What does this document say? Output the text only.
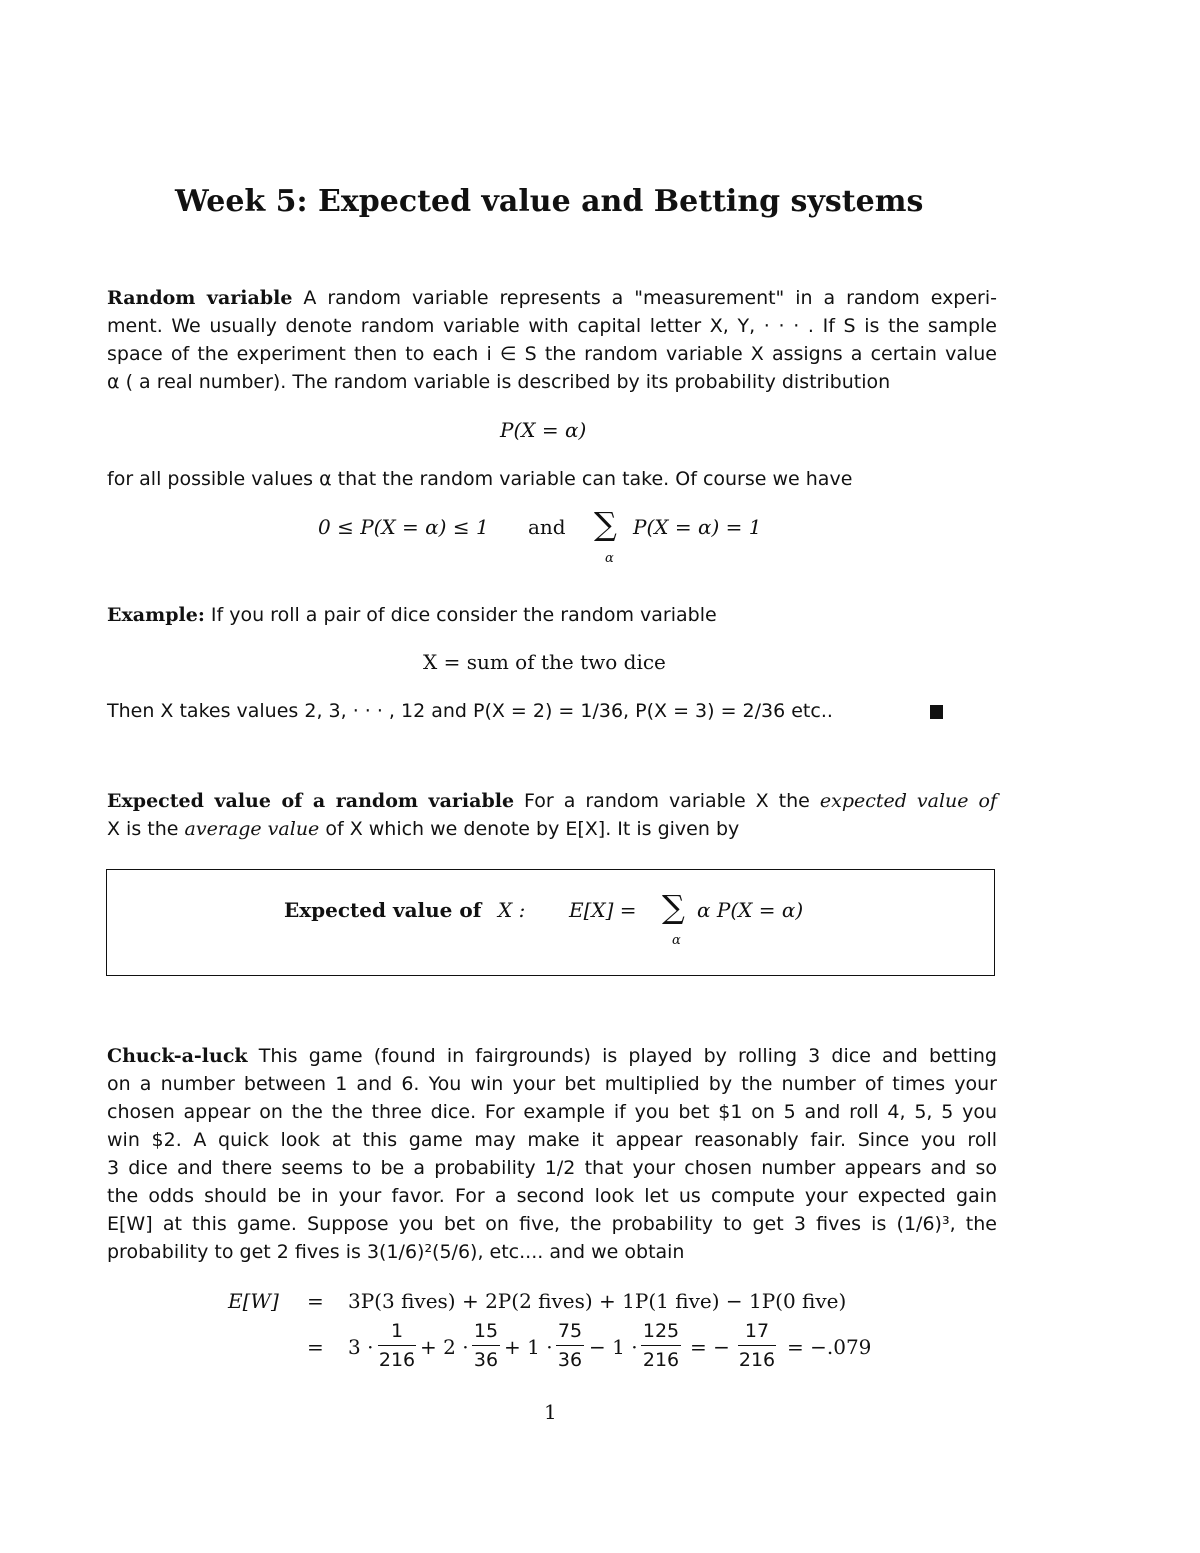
Week 5: Expected value and Betting systems
Random variable A random variable represents a "measurement" in a random experi-
ment. We usually denote random variable with capital letter X, Y, · · · . If S is the sample
space of the experiment then to each i ∈ S the random variable X assigns a certain value
α ( a real number). The random variable is described by its probability distribution
P(X = α)
for all possible values α that the random variable can take. Of course we have
0 ≤ P(X = α) ≤ 1 and ∑
α
P(X = α) = 1
Example: If you roll a pair of dice consider the random variable
X = sum of the two dice
Then X takes values 2, 3, · · · , 12 and P(X = 2) = 1/36, P(X = 3) = 2/36 etc..
Expected value of a random variable For a random variable X the expected value of
X is the average value of X which we denote by E[X]. It is given by
Expected value of X : E[X] = ∑
α
α P(X = α)
Chuck-a-luck This game (found in fairgrounds) is played by rolling 3 dice and betting
on a number between 1 and 6. You win your bet multiplied by the number of times your
chosen appear on the the three dice. For example if you bet $1 on 5 and roll 4, 5, 5 you
win $2. A quick look at this game may make it appear reasonably fair. Since you roll
3 dice and there seems to be a probability 1/2 that your chosen number appears and so
the odds should be in your favor. For a second look let us compute your expected gain
E[W] at this game. Suppose you bet on five, the probability to get 3 fives is (1/6)³, the
probability to get 2 fives is 3(1/6)²(5/6), etc.... and we obtain
E[W] = 3P(3 fives) + 2P(2 fives) + 1P(1 five) − 1P(0 five)
= 3 ·
1
216
+ 2 ·
15
36
+ 1 ·
75
36
− 1 ·
125
216
= −
17
216
= −.079
1
